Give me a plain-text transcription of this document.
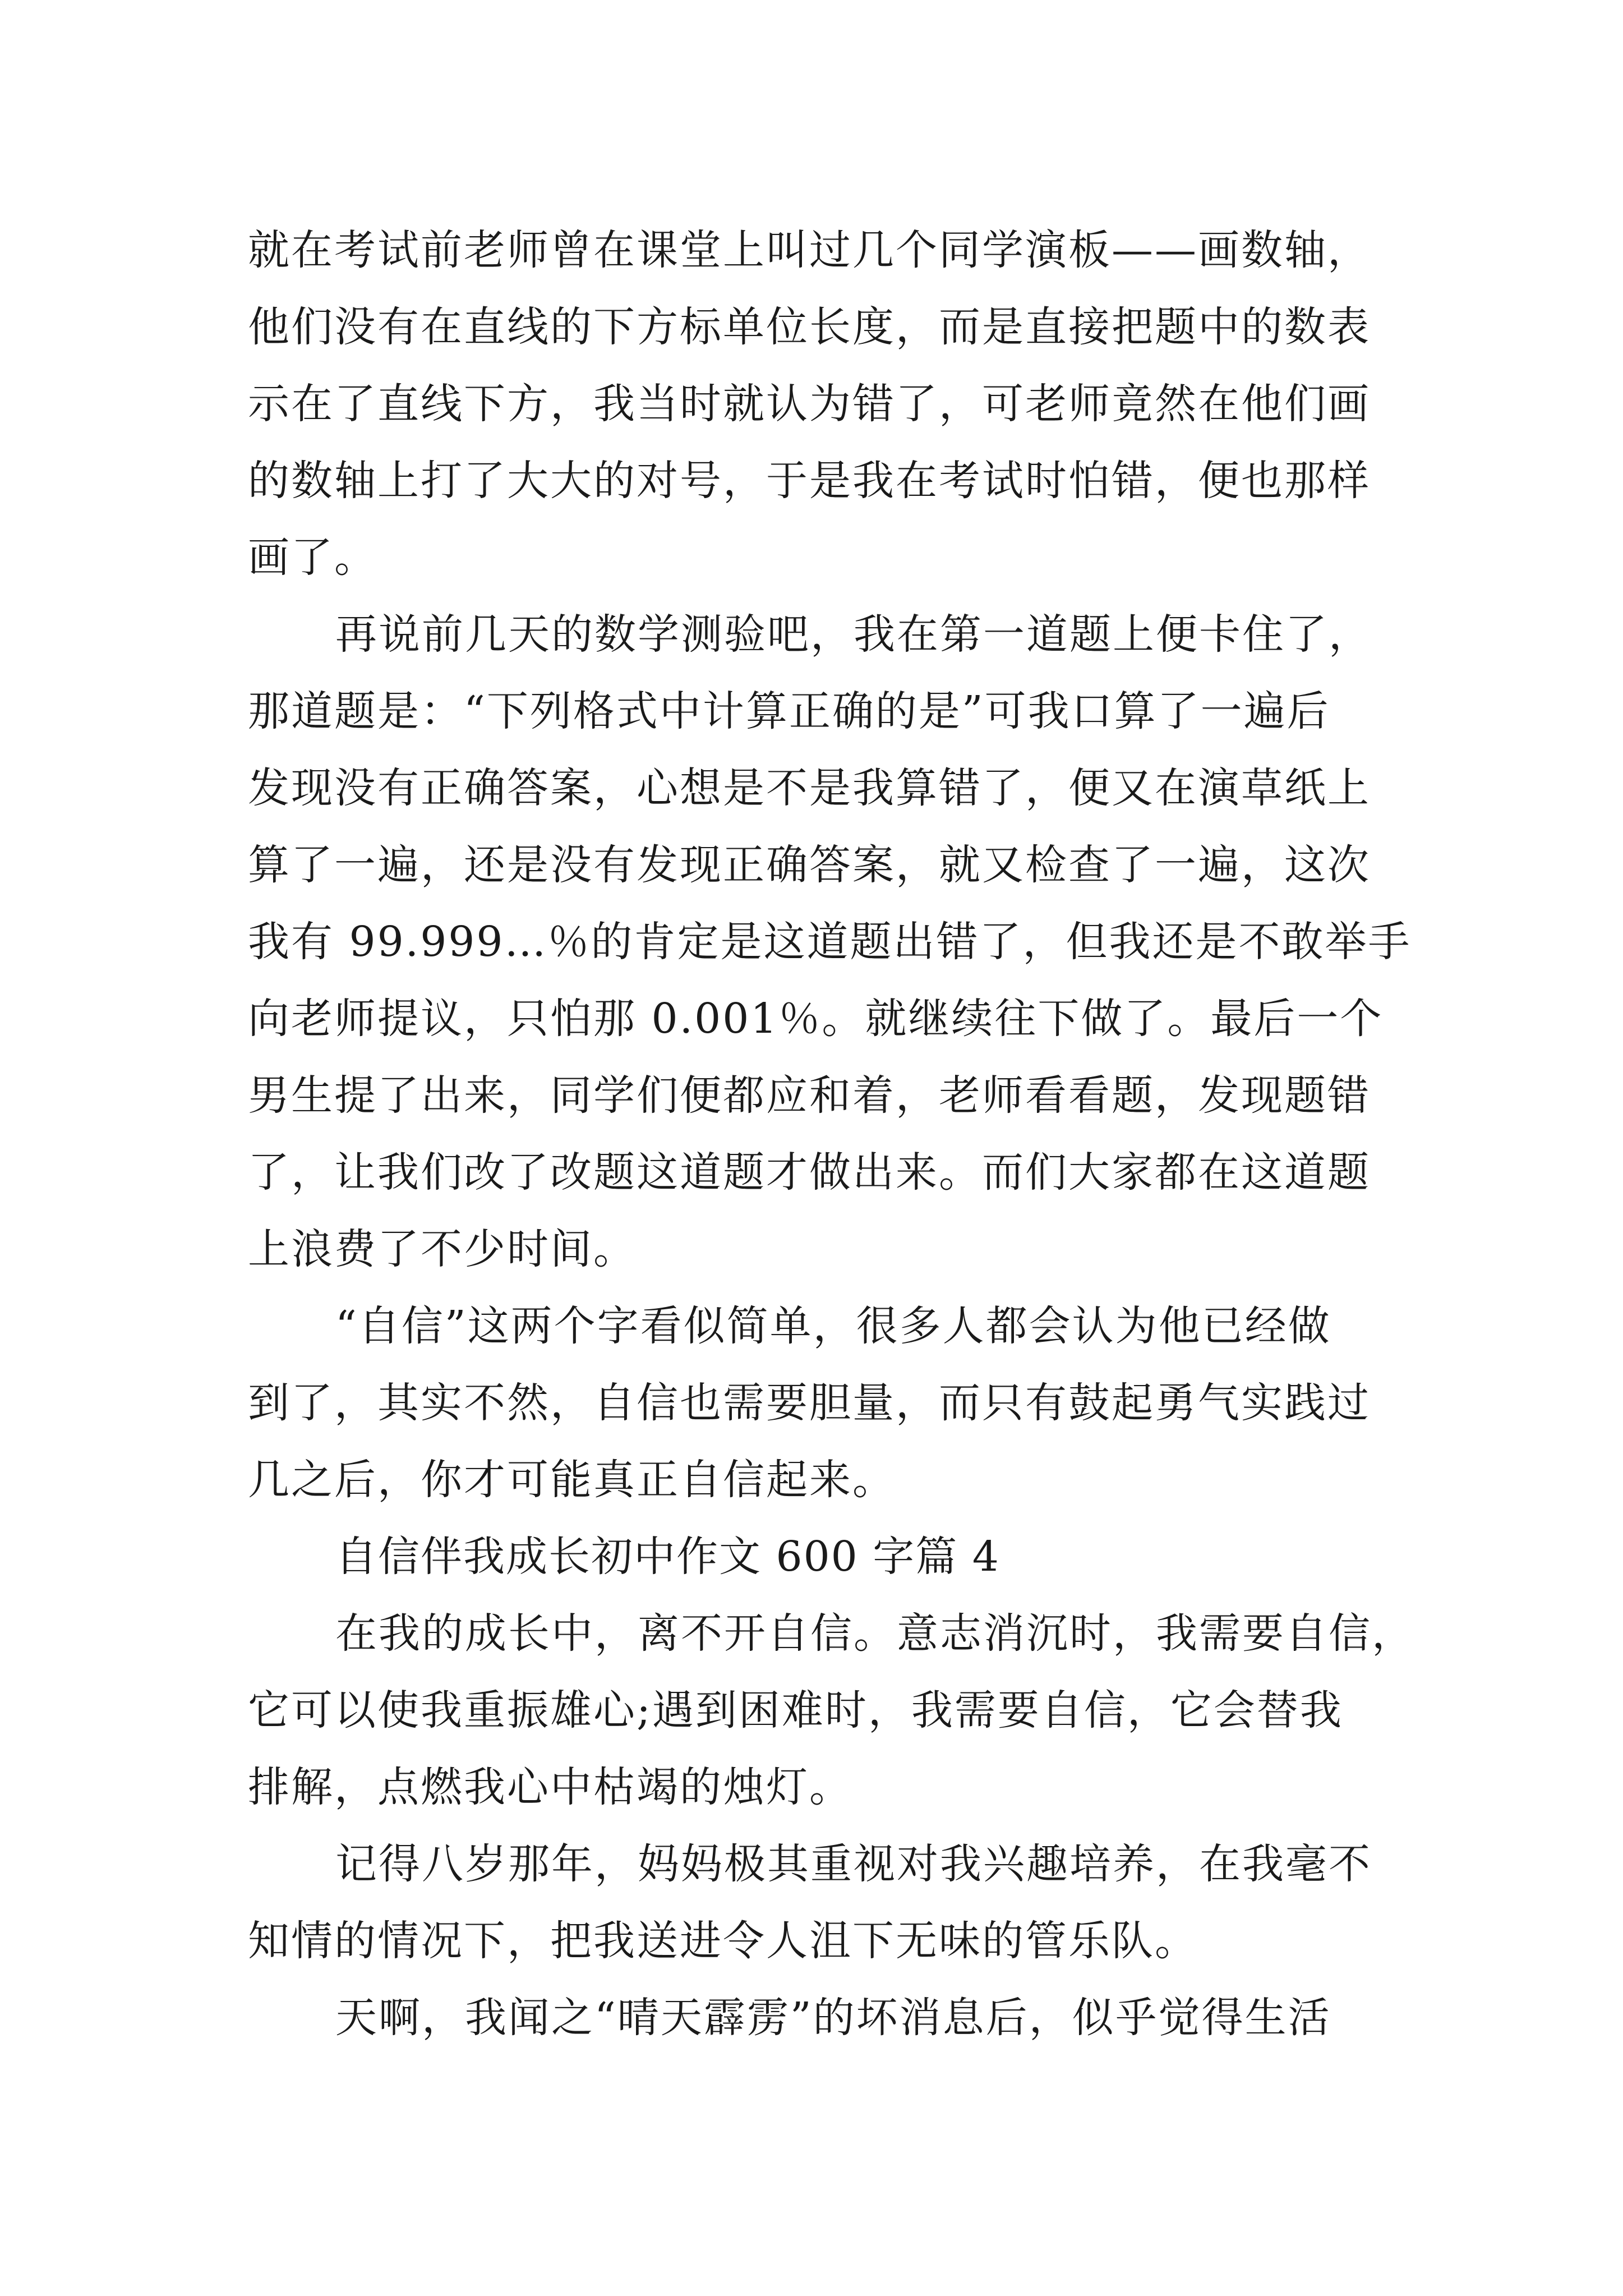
就在考试前老师曾在课堂上叫过几个同学演板——画数轴，
他们没有在直线的下方标单位长度，而是直接把题中的数表
示在了直线下方，我当时就认为错了，可老师竟然在他们画
的数轴上打了大大的对号，于是我在考试时怕错，便也那样
画了。
再说前几天的数学测验吧，我在第一道题上便卡住了，
那道题是：“下列格式中计算正确的是”可我口算了一遍后
发现没有正确答案，心想是不是我算错了，便又在演草纸上
算了一遍，还是没有发现正确答案，就又检查了一遍，这次
我有 99.999…％的肯定是这道题出错了，但我还是不敢举手
向老师提议，只怕那 0.001％。就继续往下做了。最后一个
男生提了出来，同学们便都应和着，老师看看题，发现题错
了，让我们改了改题这道题才做出来。而们大家都在这道题
上浪费了不少时间。
“自信”这两个字看似简单，很多人都会认为他已经做
到了，其实不然，自信也需要胆量，而只有鼓起勇气实践过
几之后，你才可能真正自信起来。
自信伴我成长初中作文 600 字篇 4
在我的成长中，离不开自信。意志消沉时，我需要自信，
它可以使我重振雄心;遇到困难时，我需要自信，它会替我
排解，点燃我心中枯竭的烛灯。
记得八岁那年，妈妈极其重视对我兴趣培养，在我毫不
知情的情况下，把我送进令人沮下无味的管乐队。
天啊，我闻之“晴天霹雳”的坏消息后，似乎觉得生活
